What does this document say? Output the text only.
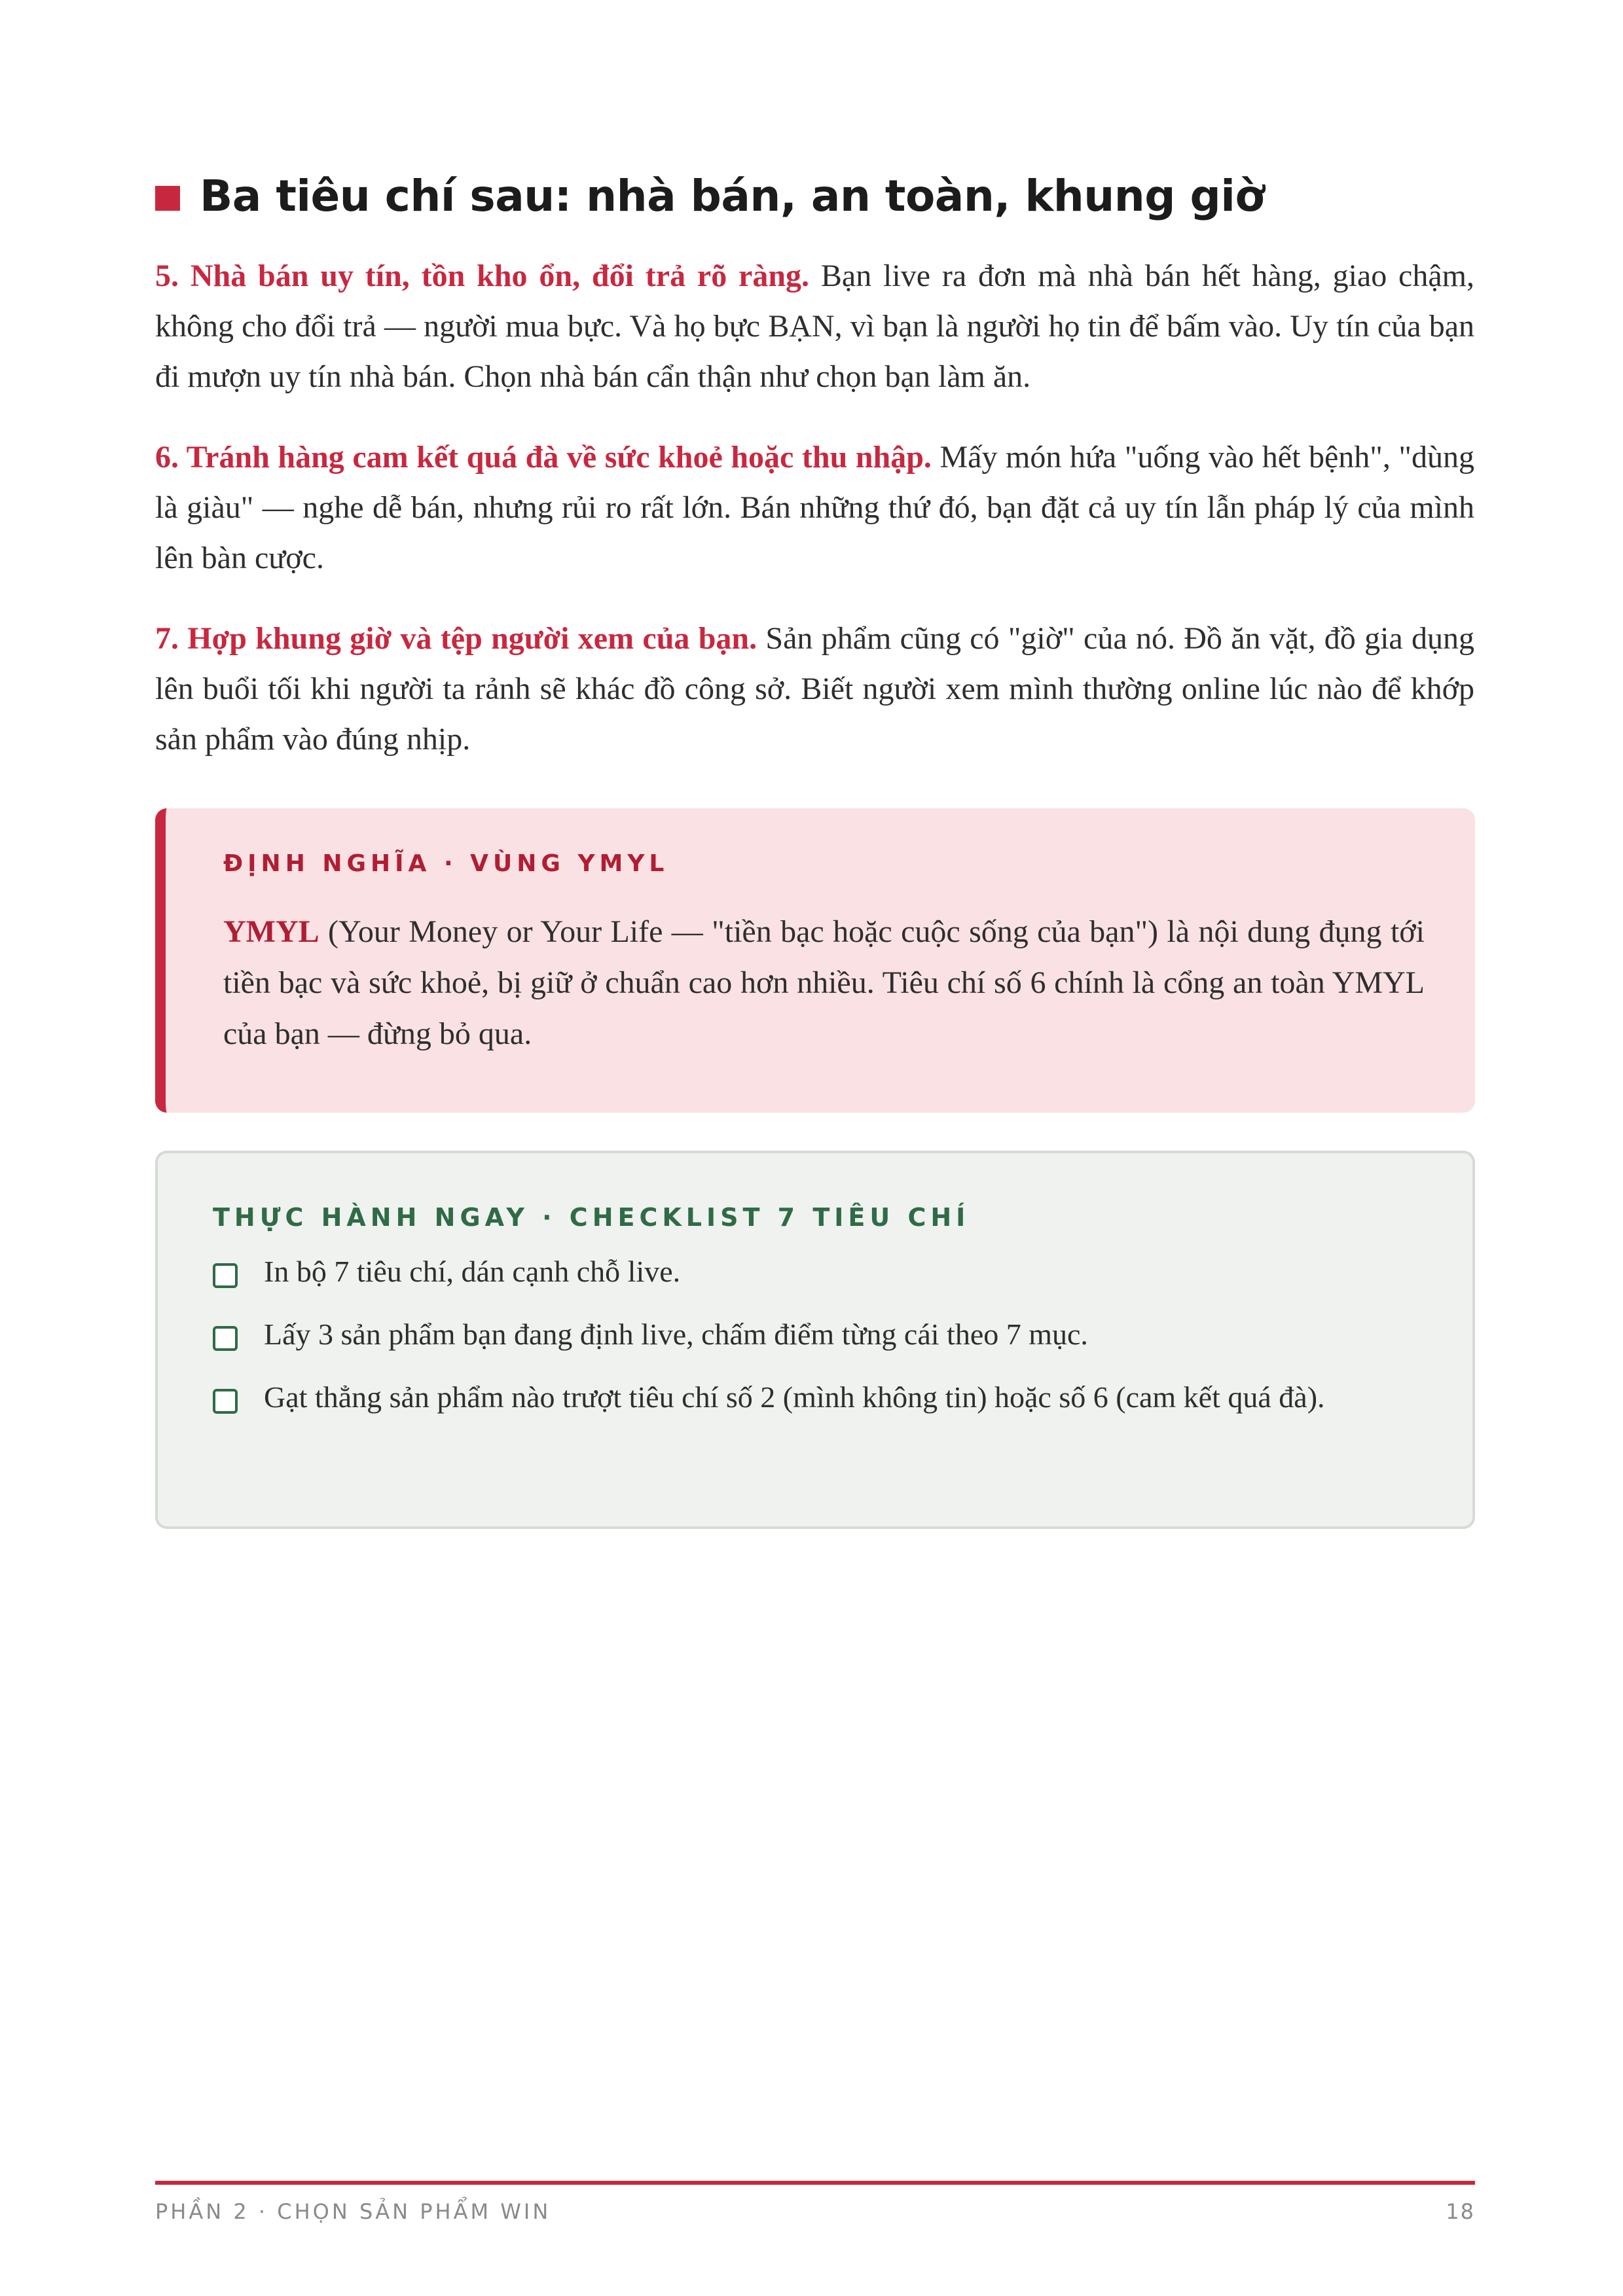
Ba tiêu chí sau: nhà bán, an toàn, khung giờ

5. Nhà bán uy tín, tồn kho ổn, đổi trả rõ ràng. Bạn live ra đơn mà nhà bán hết hàng, giao chậm, không cho đổi trả — người mua bực. Và họ bực BẠN, vì bạn là người họ tin để bấm vào. Uy tín của bạn đi mượn uy tín nhà bán. Chọn nhà bán cẩn thận như chọn bạn làm ăn.

6. Tránh hàng cam kết quá đà về sức khoẻ hoặc thu nhập. Mấy món hứa "uống vào hết bệnh", "dùng là giàu" — nghe dễ bán, nhưng rủi ro rất lớn. Bán những thứ đó, bạn đặt cả uy tín lẫn pháp lý của mình lên bàn cược.

7. Hợp khung giờ và tệp người xem của bạn. Sản phẩm cũng có "giờ" của nó. Đồ ăn vặt, đồ gia dụng lên buổi tối khi người ta rảnh sẽ khác đồ công sở. Biết người xem mình thường online lúc nào để khớp sản phẩm vào đúng nhịp.

ĐỊNH NGHĨA · VÙNG YMYL

YMYL (Your Money or Your Life — "tiền bạc hoặc cuộc sống của bạn") là nội dung đụng tới tiền bạc và sức khoẻ, bị giữ ở chuẩn cao hơn nhiều. Tiêu chí số 6 chính là cổng an toàn YMYL của bạn — đừng bỏ qua.

THỰC HÀNH NGAY · CHECKLIST 7 TIÊU CHÍ
In bộ 7 tiêu chí, dán cạnh chỗ live.
Lấy 3 sản phẩm bạn đang định live, chấm điểm từng cái theo 7 mục.
Gạt thẳng sản phẩm nào trượt tiêu chí số 2 (mình không tin) hoặc số 6 (cam kết quá đà).
PHẦN 2 · CHỌN SẢN PHẨM WIN	18
